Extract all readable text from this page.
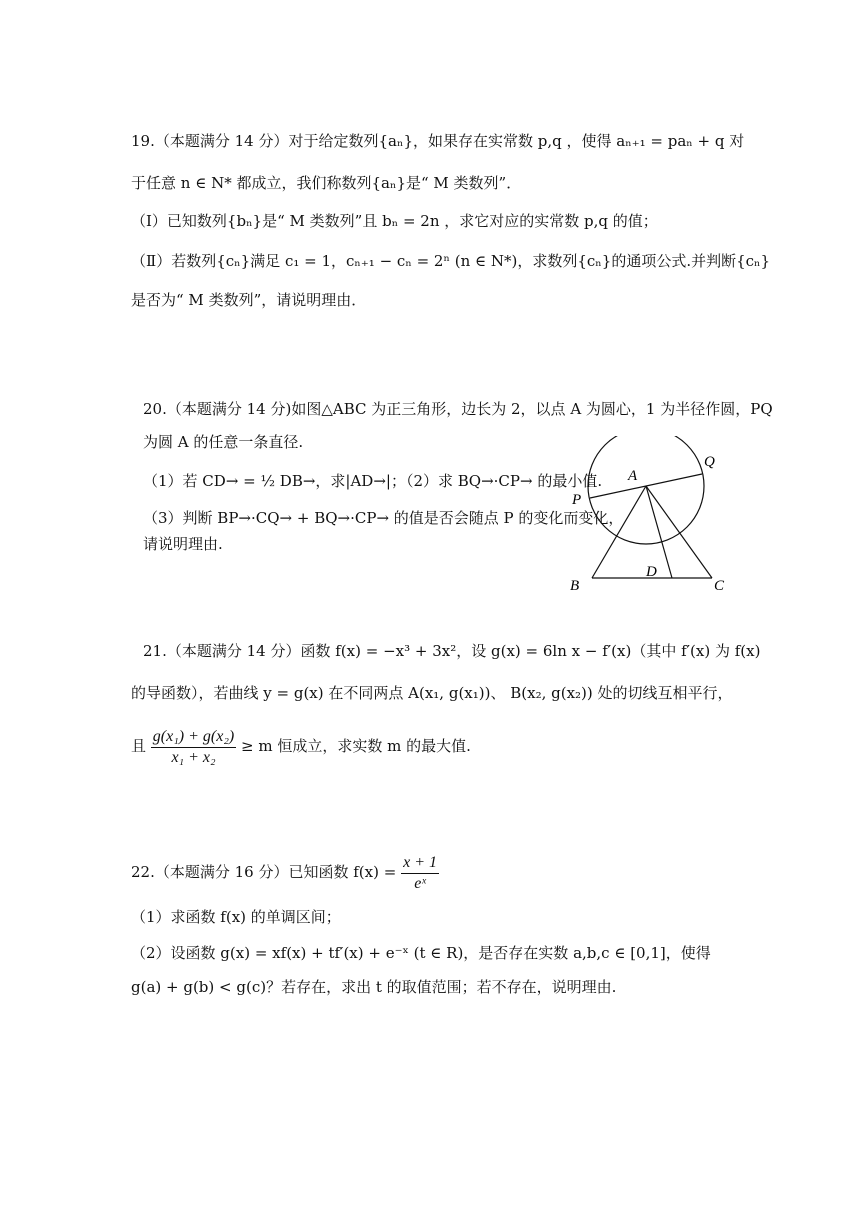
19.（本题满分 14 分）对于给定数列{aₙ}，如果存在实常数 p,q ，使得 aₙ₊₁ = paₙ + q 对
于任意 n ∈ N* 都成立，我们称数列{aₙ}是“ M 类数列”．
（Ⅰ）已知数列{bₙ}是“ M 类数列”且 bₙ = 2n ，求它对应的实常数 p,q 的值；
（Ⅱ）若数列{cₙ}满足 c₁ = 1，cₙ₊₁ − cₙ = 2ⁿ (n ∈ N*)，求数列{cₙ}的通项公式.并判断{cₙ}
是否为“ M 类数列”，请说明理由．
20.（本题满分 14 分)如图△ABC 为正三角形，边长为 2，以点 A 为圆心，1 为半径作圆，PQ
为圆 A 的任意一条直径.
（1）若 CD→ = ½ DB→，求|AD→|；（2）求 BQ→·CP→ 的最小值.
（3）判断 BP→·CQ→ + BQ→·CP→ 的值是否会随点 P 的变化而变化，
请说明理由.
A
P
Q
B	C
D
21.（本题满分 14 分）函数 f(x) = −x³ + 3x²，设 g(x) = 6ln x − f′(x)（其中 f′(x) 为 f(x)
的导函数），若曲线 y = g(x) 在不同两点 A(x₁, g(x₁))、 B(x₂, g(x₂)) 处的切线互相平行，
且 $\frac{\text{g(x₁) + g(x₂)}}{\text{x₁ + x₂}} \ge m$ 恒成立，求实数 m 的最大值.
22.（本题满分 16 分）已知函数 $f(x) = \frac{x + 1}{\text{eˣ}}$
（1）求函数 f(x) 的单调区间；
（2）设函数 g(x) = xf(x) + tf′(x) + e⁻ˣ (t ∈ R)，是否存在实数 a,b,c ∈ [0,1]，使得
g(a) + g(b) < g(c)？若存在，求出 t 的取值范围；若不存在，说明理由.
